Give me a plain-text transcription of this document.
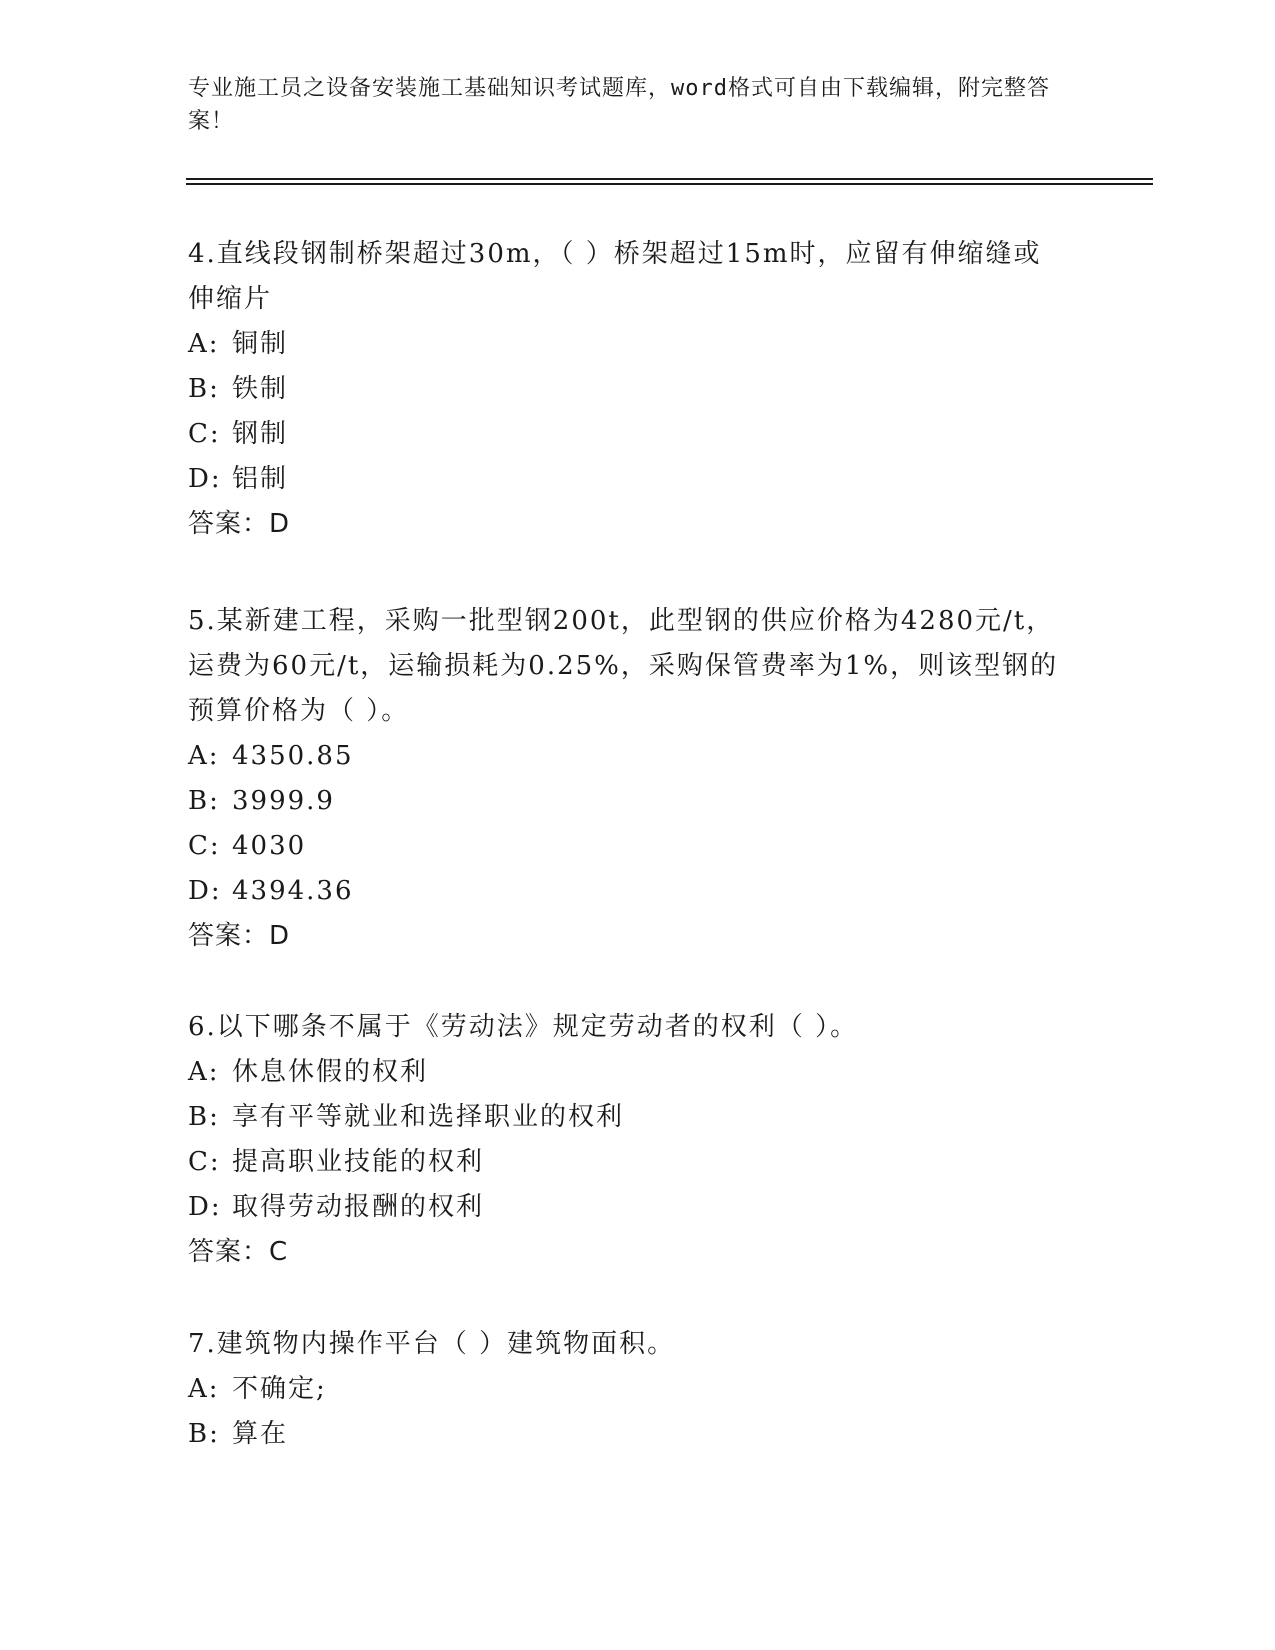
专业施工员之设备安装施工基础知识考试题库，word格式可自由下载编辑，附完整答案！

4.直线段钢制桥架超过30m，（ ）桥架超过15m时，应留有伸缩缝或伸缩片

A: 铜制
B: 铁制
C: 钢制
D: 铝制
答案：D

5.某新建工程，采购一批型钢200t，此型钢的供应价格为4280元/t，运费为60元/t，运输损耗为0.25%，采购保管费率为1%，则该型钢的预算价格为（ ）。

A: 4350.85
B: 3999.9
C: 4030
D: 4394.36
答案：D

6.以下哪条不属于《劳动法》规定劳动者的权利（ ）。

A: 休息休假的权利
B: 享有平等就业和选择职业的权利
C: 提高职业技能的权利
D: 取得劳动报酬的权利
答案：C

7.建筑物内操作平台（ ）建筑物面积。

A: 不确定;
B: 算在
